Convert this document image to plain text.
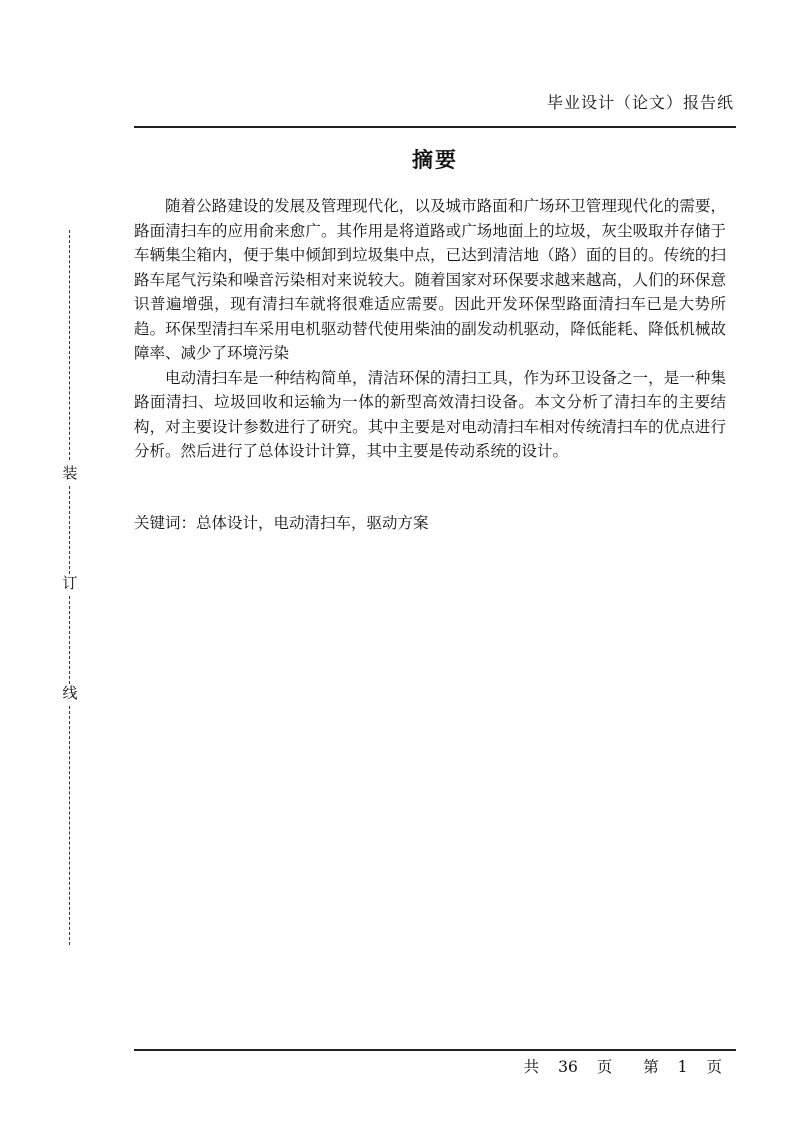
毕业设计（论文）报告纸
装
订
线
摘要

随着公路建设的发展及管理现代化，以及城市路面和广场环卫管理现代化的需要，路面清扫车的应用俞来愈广。其作用是将道路或广场地面上的垃圾，灰尘吸取并存储于车辆集尘箱内，便于集中倾卸到垃圾集中点，已达到清洁地（路）面的目的。传统的扫路车尾气污染和噪音污染相对来说较大。随着国家对环保要求越来越高，人们的环保意识普遍增强，现有清扫车就将很难适应需要。因此开发环保型路面清扫车已是大势所趋。环保型清扫车采用电机驱动替代使用柴油的副发动机驱动，降低能耗、降低机械故障率、减少了环境污染

电动清扫车是一种结构简单，清洁环保的清扫工具，作为环卫设备之一，是一种集路面清扫、垃圾回收和运输为一体的新型高效清扫设备。本文分析了清扫车的主要结构，对主要设计参数进行了研究。其中主要是对电动清扫车相对传统清扫车的优点进行分析。然后进行了总体设计计算，其中主要是传动系统的设计。

关键词：总体设计，电动清扫车，驱动方案
共 36 页 第 1 页
